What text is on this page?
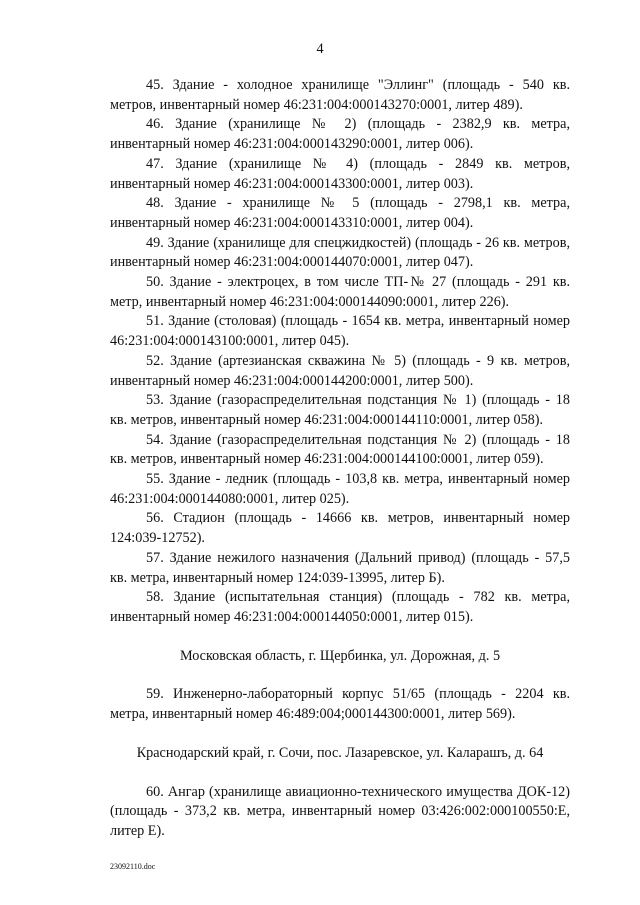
4

45. Здание - холодное хранилище "Эллинг" (площадь - 540 кв. метров, инвентарный номер 46:231:004:000143270:0001, литер 489).

46. Здание (хранилище № 2) (площадь - 2382,9 кв. метра, инвентарный номер 46:231:004:000143290:0001, литер 006).

47. Здание (хранилище № 4) (площадь - 2849 кв. метров, инвентарный номер 46:231:004:000143300:0001, литер 003).

48. Здание - хранилище № 5 (площадь - 2798,1 кв. метра, инвентарный номер 46:231:004:000143310:0001, литер 004).

49. Здание (хранилище для спецжидкостей) (площадь - 26 кв. метров, инвентарный номер 46:231:004:000144070:0001, литер 047).

50. Здание - электроцех, в том числе ТП-№ 27 (площадь - 291 кв. метр, инвентарный номер 46:231:004:000144090:0001, литер 226).

51. Здание (столовая) (площадь - 1654 кв. метра, инвентарный номер 46:231:004:000143100:0001, литер 045).

52. Здание (артезианская скважина № 5) (площадь - 9 кв. метров, инвентарный номер 46:231:004:000144200:0001, литер 500).

53. Здание (газораспределительная подстанция № 1) (площадь - 18 кв. метров, инвентарный номер 46:231:004:000144110:0001, литер 058).

54. Здание (газораспределительная подстанция № 2) (площадь - 18 кв. метров, инвентарный номер 46:231:004:000144100:0001, литер 059).

55. Здание - ледник (площадь - 103,8 кв. метра, инвентарный номер 46:231:004:000144080:0001, литер 025).

56. Стадион (площадь - 14666 кв. метров, инвентарный номер 124:039-12752).

57. Здание нежилого назначения (Дальний привод) (площадь - 57,5 кв. метра, инвентарный номер 124:039-13995, литер Б).

58. Здание (испытательная станция) (площадь - 782 кв. метра, инвентарный номер 46:231:004:000144050:0001, литер 015).

Московская область, г. Щербинка, ул. Дорожная, д. 5

59. Инженерно-лабораторный корпус 51/65 (площадь - 2204 кв. метра, инвентарный номер 46:489:004;000144300:0001, литер 569).

Краснодарский край, г. Сочи, пос. Лазаревское, ул. Каларашъ, д. 64

60. Ангар (хранилище авиационно-технического имущества ДОК-12) (площадь - 373,2 кв. метра, инвентарный номер 03:426:002:000100550:Е, литер Е).

23092110.doc
